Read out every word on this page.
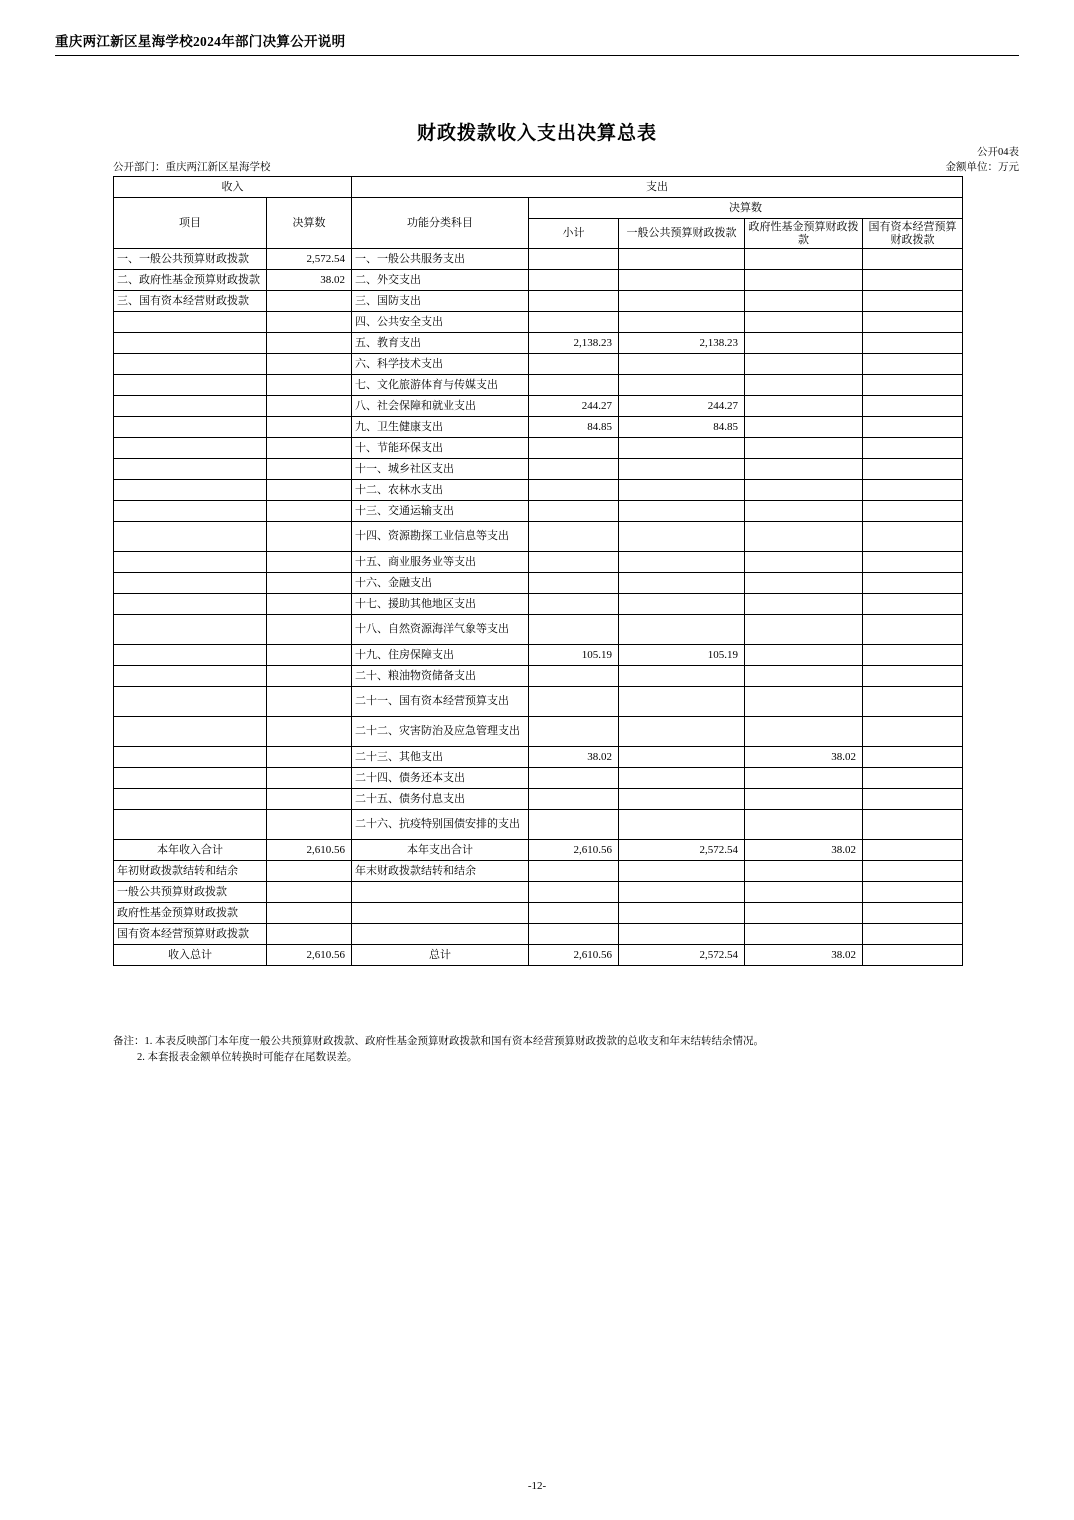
重庆两江新区星海学校2024年部门决算公开说明
财政拨款收入支出决算总表
公开04表
公开部门：重庆两江新区星海学校	金额单位：万元
收入		支出				
项目	决算数	功能分类科目	决算数			
			小计	一般公共预算财政拨款	政府性基金预算财政拨款	国有资本经营预算财政拨款
一、一般公共预算财政拨款	2,572.54	一、一般公共服务支出				
二、政府性基金预算财政拨款	38.02	二、外交支出				
三、国有资本经营财政拨款		三、国防支出				
		四、公共安全支出				
		五、教育支出	2,138.23	2,138.23		
		六、科学技术支出				
		七、文化旅游体育与传媒支出				
		八、社会保障和就业支出	244.27	244.27		
		九、卫生健康支出	84.85	84.85		
		十、节能环保支出				
		十一、城乡社区支出				
		十二、农林水支出				
		十三、交通运输支出				
		十四、资源勘探工业信息等支出				
		十五、商业服务业等支出				
		十六、金融支出				
		十七、援助其他地区支出				
		十八、自然资源海洋气象等支出				
		十九、住房保障支出	105.19	105.19		
		二十、粮油物资储备支出				
		二十一、国有资本经营预算支出				
		二十二、灾害防治及应急管理支出				
		二十三、其他支出	38.02		38.02	
		二十四、债务还本支出				
		二十五、债务付息支出				
		二十六、抗疫特别国债安排的支出				
本年收入合计	2,610.56	本年支出合计	2,610.56	2,572.54	38.02	
年初财政拨款结转和结余		年末财政拨款结转和结余				
一般公共预算财政拨款						
政府性基金预算财政拨款						
国有资本经营预算财政拨款						
收入总计	2,610.56	总计	2,610.56	2,572.54	38.02	
备注：1. 本表反映部门本年度一般公共预算财政拨款、政府性基金预算财政拨款和国有资本经营预算财政拨款的总收支和年末结转结余情况。
2. 本套报表金额单位转换时可能存在尾数误差。
-12-
